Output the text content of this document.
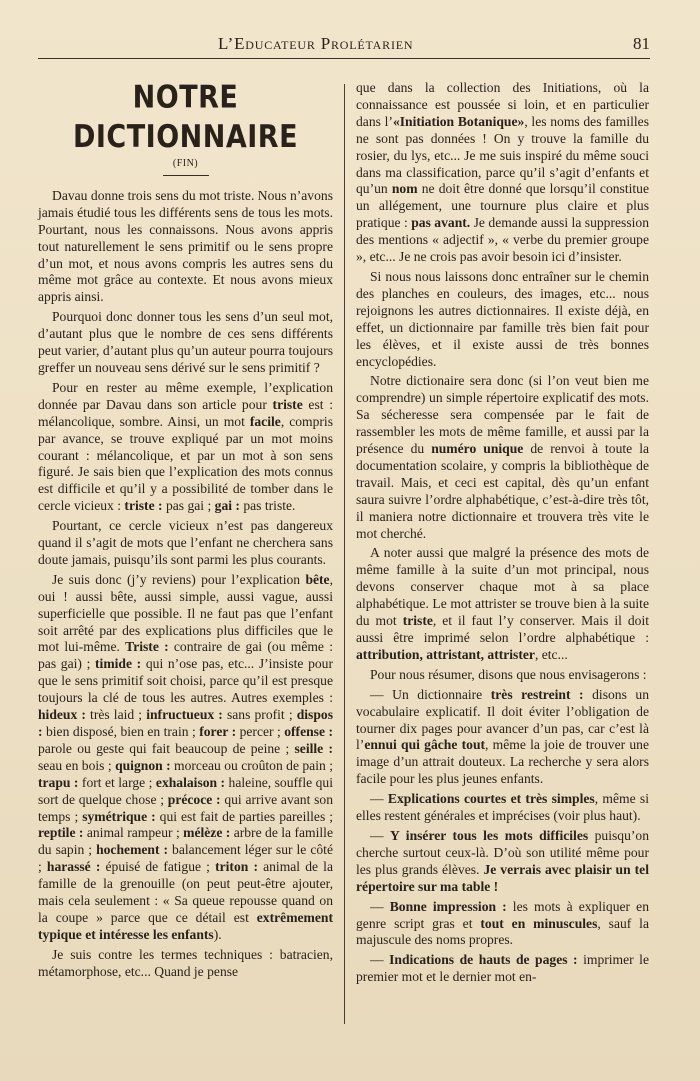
L’Educateur Prolétarien	81
NOTRE DICTIONNAIRE
(FIN)

Davau donne trois sens du mot triste. Nous n’avons jamais étudié tous les différents sens de tous les mots. Pourtant, nous les connaissons. Nous avons appris tout naturellement le sens primitif ou le sens propre d’un mot, et nous avons compris les autres sens du même mot grâce au contexte. Et nous avons mieux appris ainsi.

Pourquoi donc donner tous les sens d’un seul mot, d’autant plus que le nombre de ces sens différents peut varier, d’autant plus qu’un auteur pourra toujours greffer un nouveau sens dérivé sur le sens primitif ?

Pour en rester au même exemple, l’explication donnée par Davau dans son article pour triste est : mélancolique, sombre. Ainsi, un mot facile, compris par avance, se trouve expliqué par un mot moins courant : mélancolique, et par un mot à son sens figuré. Je sais bien que l’explication des mots connus est difficile et qu’il y a possibilité de tomber dans le cercle vicieux : triste : pas gai ; gai : pas triste.

Pourtant, ce cercle vicieux n’est pas dangereux quand il s’agit de mots que l’enfant ne cherchera sans doute jamais, puisqu’ils sont parmi les plus courants.

Je suis donc (j’y reviens) pour l’explication bête, oui ! aussi bête, aussi simple, aussi vague, aussi superficielle que possible. Il ne faut pas que l’enfant soit arrêté par des explications plus difficiles que le mot lui-même. Triste : contraire de gai (ou même : pas gai) ; timide : qui n’ose pas, etc... J’insiste pour que le sens primitif soit choisi, parce qu’il est presque toujours la clé de tous les autres. Autres exemples : hideux : très laid ; infructueux : sans profit ; dispos : bien disposé, bien en train ; forer : percer ; offense : parole ou geste qui fait beaucoup de peine ; seille : seau en bois ; quignon : morceau ou croûton de pain ; trapu : fort et large ; exhalaison : haleine, souffle qui sort de quelque chose ; précoce : qui arrive avant son temps ; symétrique : qui est fait de parties pareilles ; reptile : animal rampeur ; mélèze : arbre de la famille du sapin ; hochement : balancement léger sur le côté ; harassé : épuisé de fatigue ; triton : animal de la famille de la grenouille (on peut peut-être ajouter, mais cela seulement : « Sa queue repousse quand on la coupe » parce que ce détail est extrêmement typique et intéresse les enfants).

Je suis contre les termes techniques : batracien, métamorphose, etc... Quand je pense

que dans la collection des Initiations, où la connaissance est poussée si loin, et en particulier dans l’«Initiation Botanique», les noms des familles ne sont pas données ! On y trouve la famille du rosier, du lys, etc... Je me suis inspiré du même souci dans ma classification, parce qu’il s’agit d’enfants et qu’un nom ne doit être donné que lorsqu’il constitue un allégement, une tournure plus claire et plus pratique : pas avant. Je demande aussi la suppression des mentions « adjectif », « verbe du premier groupe », etc... Je ne crois pas avoir besoin ici d’insister.

Si nous nous laissons donc entraîner sur le chemin des planches en couleurs, des images, etc... nous rejoignons les autres dictionnaires. Il existe déjà, en effet, un dictionnaire par famille très bien fait pour les élèves, et il existe aussi de très bonnes encyclopédies.

Notre dictionaire sera donc (si l’on veut bien me comprendre) un simple répertoire explicatif des mots. Sa sécheresse sera compensée par le fait de rassembler les mots de même famille, et aussi par la présence du numéro unique de renvoi à toute la documentation scolaire, y compris la bibliothèque de travail. Mais, et ceci est capital, dès qu’un enfant saura suivre l’ordre alphabétique, c’est-à-dire très tôt, il maniera notre dictionnaire et trouvera très vite le mot cherché.

A noter aussi que malgré la présence des mots de même famille à la suite d’un mot principal, nous devons conserver chaque mot à sa place alphabétique. Le mot attrister se trouve bien à la suite du mot triste, et il faut l’y conserver. Mais il doit aussi être imprimé selon l’ordre alphabétique : attribution, attristant, attrister, etc...

Pour nous résumer, disons que nous envisagerons :

— Un dictionnaire très restreint : disons un vocabulaire explicatif. Il doit éviter l’obligation de tourner dix pages pour avancer d’un pas, car c’est là l’ennui qui gâche tout, même la joie de trouver une image d’un attrait douteux. La recherche y sera alors facile pour les plus jeunes enfants.

— Explications courtes et très simples, même si elles restent générales et imprécises (voir plus haut).

— Y insérer tous les mots difficiles puisqu’on cherche surtout ceux-là. D’où son utilité même pour les plus grands élèves. Je verrais avec plaisir un tel répertoire sur ma table !

— Bonne impression : les mots à expliquer en genre script gras et tout en minuscules, sauf la majuscule des noms propres.

— Indications de hauts de pages : imprimer le premier mot et le dernier mot en-
